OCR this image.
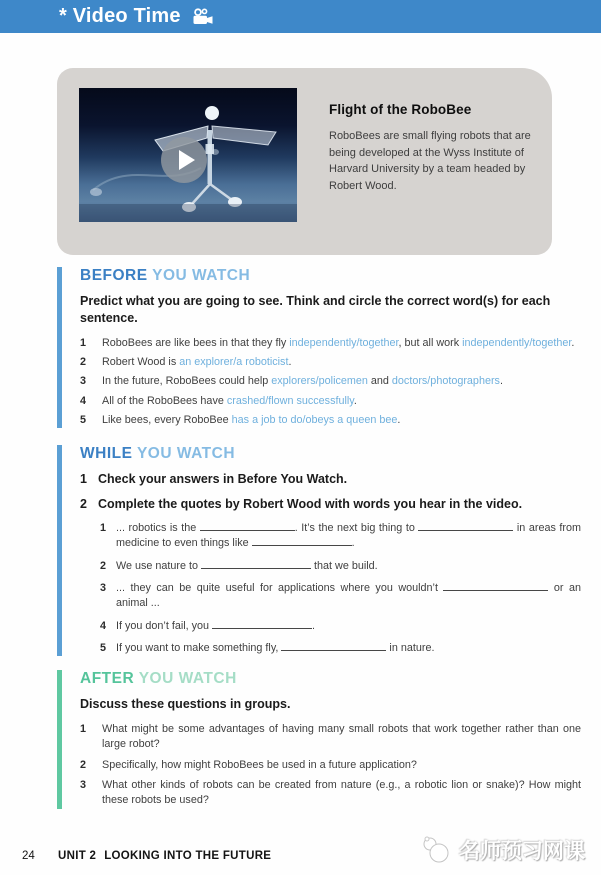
* Video Time
Flight of the RoboBee

RoboBees are small flying robots that are being developed at the Wyss Institute of Harvard University by a team headed by Robert Wood.

BEFORE YOU WATCH

Predict what you are going to see. Think and circle the correct word(s) for each sentence.

1	RoboBees are like bees in that they fly independently/together, but all work independently/together.
2	Robert Wood is an explorer/a roboticist.
3	In the future, RoboBees could help explorers/policemen and doctors/photographers.
4	All of the RoboBees have crashed/flown successfully.
5	Like bees, every RoboBee has a job to do/obeys a queen bee.
WHILE YOU WATCH
1 Check your answers in Before You Watch.
2 Complete the quotes by Robert Wood with words you hear in the video.
1 ... robotics is the	. It’s the next big thing to	in areas from medicine to even things like	.
2 We use nature to	that we build.
3 ... they can be quite useful for applications where you wouldn’t	or an animal ...
4 If you don’t fail, you	.
5 If you want to make something fly,	in nature.
AFTER YOU WATCH

Discuss these questions in groups.

1	What might be some advantages of having many small robots that work together rather than one large robot?
2	Specifically, how might RoboBees be used in a future application?
3	What other kinds of robots can be created from nature (e.g., a robotic lion or snake)? How might these robots be used?
24	UNIT 2 LOOKING INTO THE FUTURE	名师预习网课
